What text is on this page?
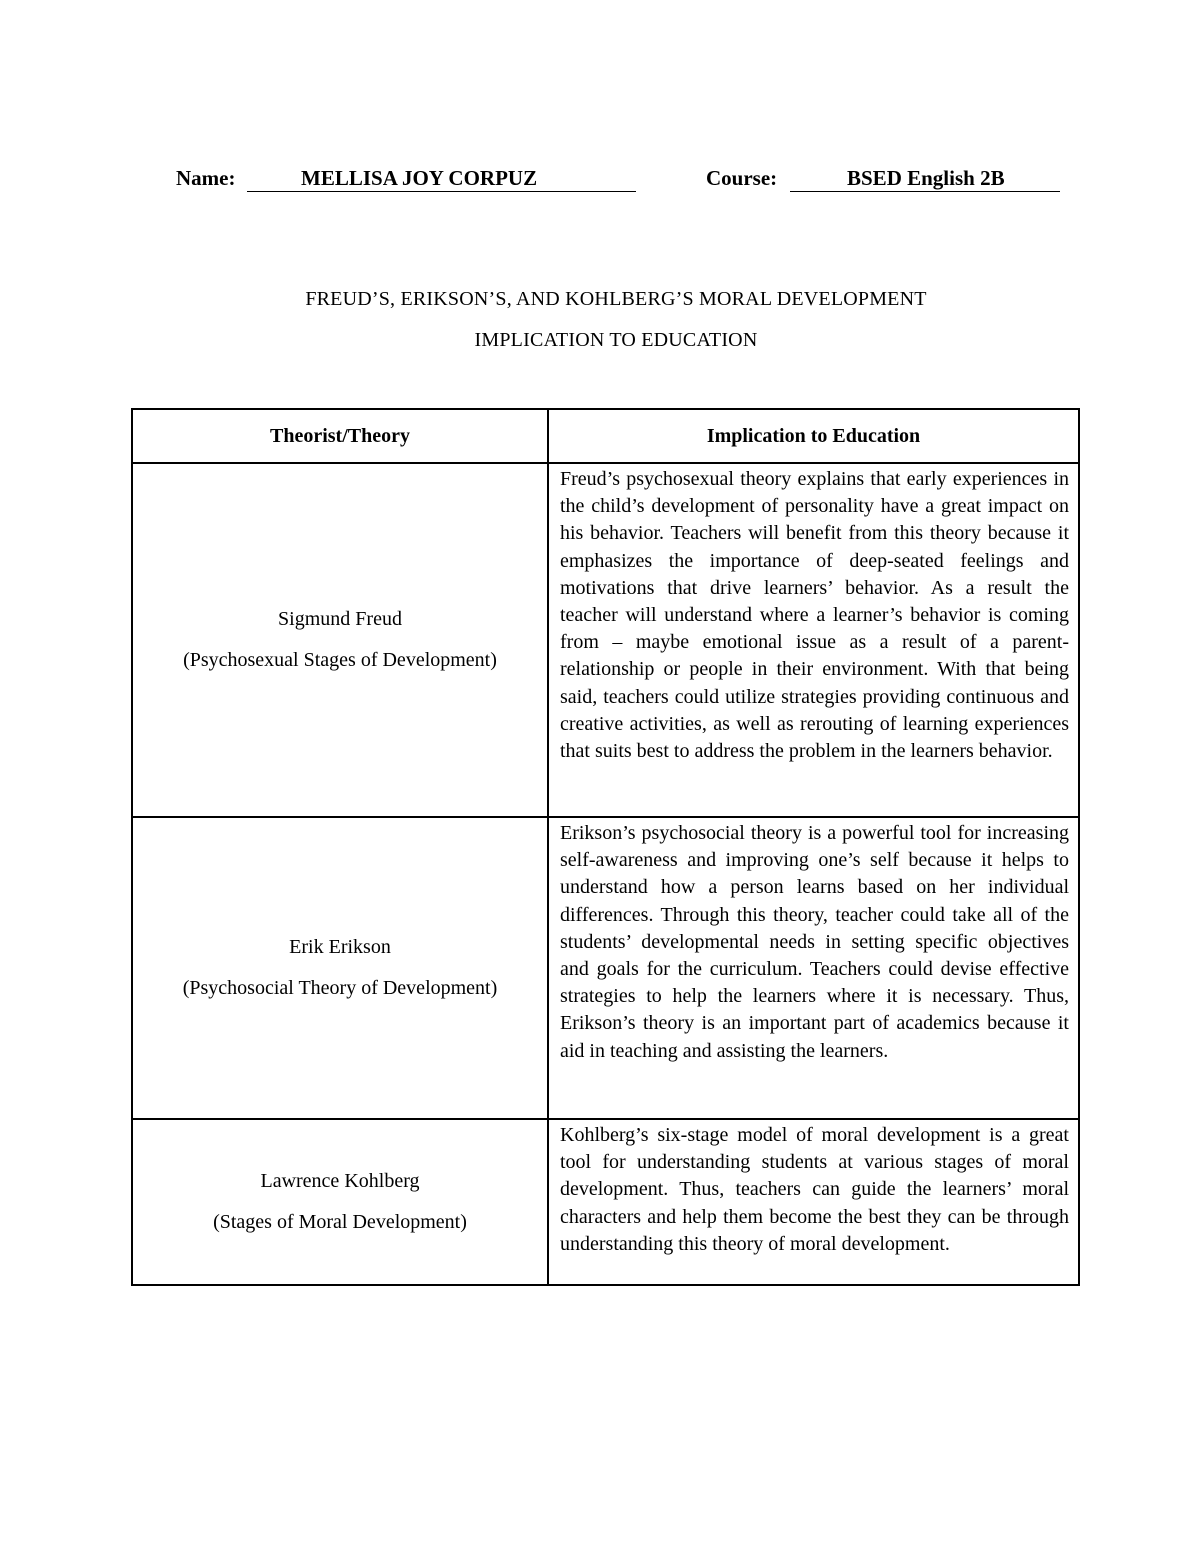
Name:	MELLISA JOY CORPUZ	Course:	BSED English 2B
FREUD’S, ERIKSON’S, AND KOHLBERG’S MORAL DEVELOPMENT
IMPLICATION TO EDUCATION
Theorist/Theory	Implication to Education

Sigmund Freud
(Psychosexual Stages of Development)	Freud’s psychosexual theory explains that early experiences in the child’s development of personality have a great impact on his behavior. Teachers will benefit from this theory because it emphasizes the importance of deep-seated feelings and motivations that drive learners’ behavior. As a result the teacher will understand where a learner’s behavior is coming from – maybe emotional issue as a result of a parent-relationship or people in their environment. With that being said, teachers could utilize strategies providing continuous and creative activities, as well as rerouting of learning experiences that suits best to address the problem in the learners behavior.

Erik Erikson
(Psychosocial Theory of Development)	Erikson’s psychosocial theory is a powerful tool for increasing self-awareness and improving one’s self because it helps to understand how a person learns based on her individual differences. Through this theory, teacher could take all of the students’ developmental needs in setting specific objectives and goals for the curriculum. Teachers could devise effective strategies to help the learners where it is necessary. Thus, Erikson’s theory is an important part of academics because it aid in teaching and assisting the learners.

Lawrence Kohlberg
(Stages of Moral Development)	Kohlberg’s six-stage model of moral development is a great tool for understanding students at various stages of moral development. Thus, teachers can guide the learners’ moral characters and help them become the best they can be through understanding this theory of moral development.
